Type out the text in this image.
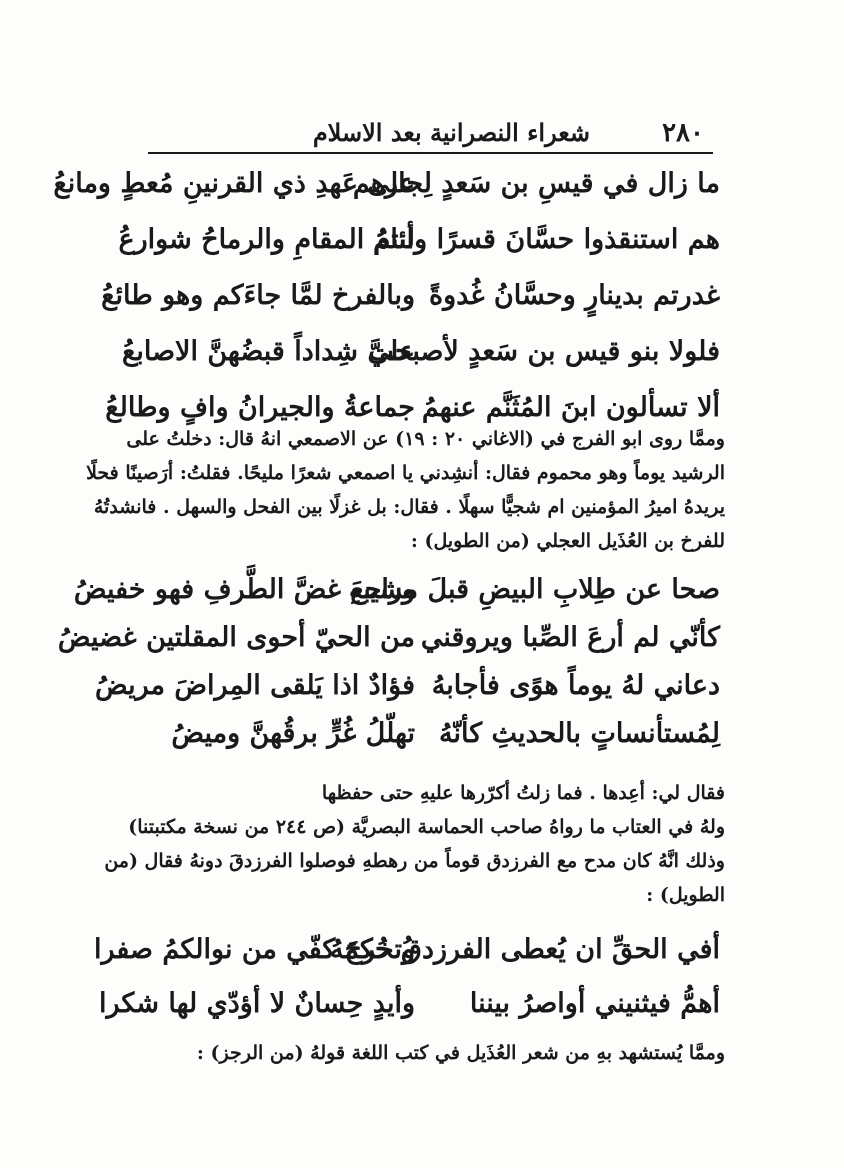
٢٨٠
شعراء النصرانية بعد الاسلام
ما زال في قيسِ بن سَعدٍ لِجارهم
على عَهدِ ذي القرنينِ مُعطٍ ومانعُ
هم استنقذوا حسَّانَ قسرًا وأنتمُ
لئامُ المقامِ والرماحُ شوارعُ
غدرتم بدينارٍ وحسَّانُ غُدوةً
وبالفرخ لمَّا جاءَكم وهو طائعُ
فلولا بنو قيس بن سَعدٍ لأصبحت
عليَّ شِداداً قبضُهنَّ الاصابعُ
ألا تسألون ابنَ المُثَنَّم عنهمُ
جماعةُ والجيرانُ وافٍ وطالعُ
وممَّا روى ابو الفرج في (الاغاني ٢٠ : ١٩) عن الاصمعي انهُ قال: دخلتُ على
الرشيد يوماً وهو محموم فقال: أنشِدني يا اصمعي شعرًا مليحًا. فقلتُ: أرَصينًا فحلًا
يريدهُ اميرُ المؤمنين ام شجيًّا سهلًا . فقال: بل غزلًا بين الفحل والسهل . فانشدتُهُ
للفرخ بن العُذَيل العجلي (من الطويل) :
صحا عن طِلابِ البيضِ قبلَ مشيبهِ
وراجعَ غضَّ الطَّرفِ فهو خفيضُ
كأنّي لم أرعَ الصِّبا ويروقني
من الحيّ أحوى المقلتين غضيضُ
دعاني لهُ يوماً هوًى فأجابهُ
فؤادٌ اذا يَلقى المِراضَ مريضُ
لِمُستأنساتٍ بالحديثِ كأنّهُ
تهلّلُ غُرٍّ برقُهنَّ وميضُ
فقال لي: أعِدها . فما زلتُ أكرّرها عليهِ حتى حفظها
ولهُ في العتاب ما رواهُ صاحب الحماسة البصريَّة (ص ٢٤٤ من نسخة مكتبتنا)
وذلك انَّهُ كان مدح مع الفرزدق قوماً من رهطهِ فوصلوا الفرزدقَ دونهُ فقال (من
الطويل) :
أفي الحقِّ ان يُعطى الفرزدقُ حُكمَهُ
وتخرجَ كفّي من نوالكمُ صفرا
أهمُّ فيثنيني أواصرُ بيننا
وأيدٍ حِسانٌ لا أؤدّي لها شكرا
وممَّا يُستشهد بهِ من شعر العُذَيل في كتب اللغة قولهُ (من الرجز) :
